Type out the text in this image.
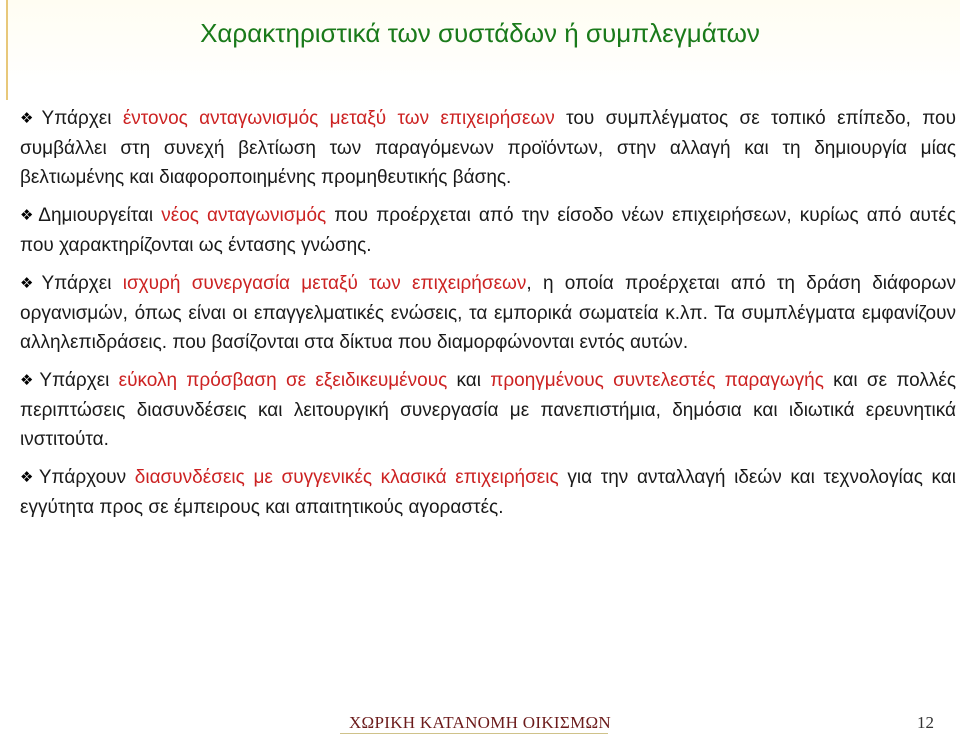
Χαρακτηριστικά των συστάδων ή συμπλεγμάτων

❖ Υπάρχει έντονος ανταγωνισμός μεταξύ των επιχειρήσεων του συμπλέγματος σε τοπικό επίπεδο, που συμβάλλει στη συνεχή βελτίωση των παραγόμενων προϊόντων, στην αλλαγή και τη δημιουργία μίας βελτιωμένης και διαφοροποιημένης προμηθευτικής βάσης.

❖ Δημιουργείται νέος ανταγωνισμός που προέρχεται από την είσοδο νέων επιχειρήσεων, κυρίως από αυτές που χαρακτηρίζονται ως έντασης γνώσης.

❖ Υπάρχει ισχυρή συνεργασία μεταξύ των επιχειρήσεων, η οποία προέρχεται από τη δράση διάφορων οργανισμών, όπως είναι οι επαγγελματικές ενώσεις, τα εμπορικά σωματεία κ.λπ. Τα συμπλέγματα εμφανίζουν αλληλεπιδράσεις. που βασίζονται στα δίκτυα που διαμορφώνονται εντός αυτών.

❖ Υπάρχει εύκολη πρόσβαση σε εξειδικευμένους και προηγμένους συντελεστές παραγωγής και σε πολλές περιπτώσεις διασυνδέσεις και λειτουργική συνεργασία με πανεπιστήμια, δημόσια και ιδιωτικά ερευνητικά ινστιτούτα.

❖ Υπάρχουν διασυνδέσεις με συγγενικές κλασικά επιχειρήσεις για την ανταλλαγή ιδεών και τεχνολογίας και εγγύτητα προς σε έμπειρους και απαιτητικούς αγοραστές.

ΧΩΡΙΚΗ ΚΑΤΑΝΟΜΗ ΟΙΚΙΣΜΩΝ	12
